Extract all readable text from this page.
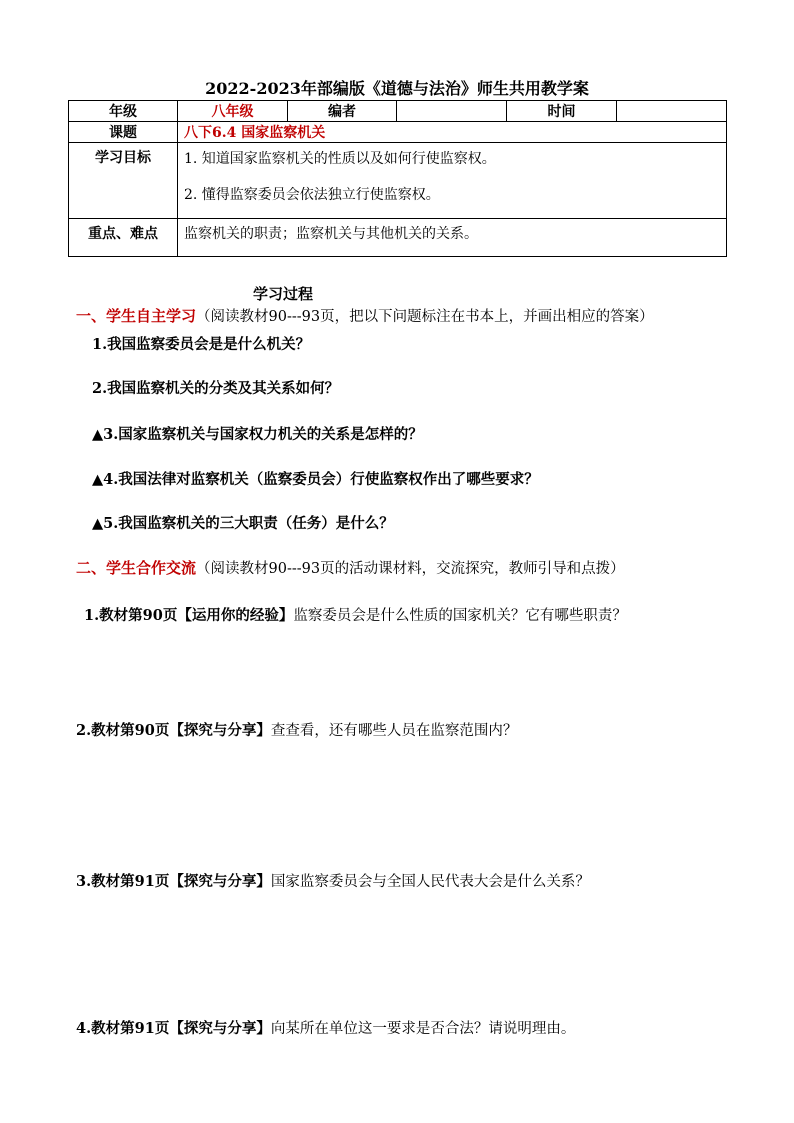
2022-2023年部编版《道德与法治》师生共用教学案
年级	八年级	编者		时间	
课题	八下6.4 国家监察机关				
学习目标	1. 知道国家监察机关的性质以及如何行使监察权。
2. 懂得监察委员会依法独立行使监察权。				

重点、难点	监察机关的职责；监察机关与其他机关的关系。				
学习过程
一、学生自主学习（阅读教材90---93页，把以下问题标注在书本上，并画出相应的答案）
1.我国监察委员会是是什么机关？
2.我国监察机关的分类及其关系如何？
▲3.国家监察机关与国家权力机关的关系是怎样的？
▲4.我国法律对监察机关（监察委员会）行使监察权作出了哪些要求？
▲5.我国监察机关的三大职责（任务）是什么？
二、学生合作交流（阅读教材90---93页的活动课材料，交流探究，教师引导和点拨）
1.教材第90页【运用你的经验】监察委员会是什么性质的国家机关？它有哪些职责？
2.教材第90页【探究与分享】查查看，还有哪些人员在监察范围内？
3.教材第91页【探究与分享】国家监察委员会与全国人民代表大会是什么关系？
4.教材第91页【探究与分享】向某所在单位这一要求是否合法？请说明理由。
